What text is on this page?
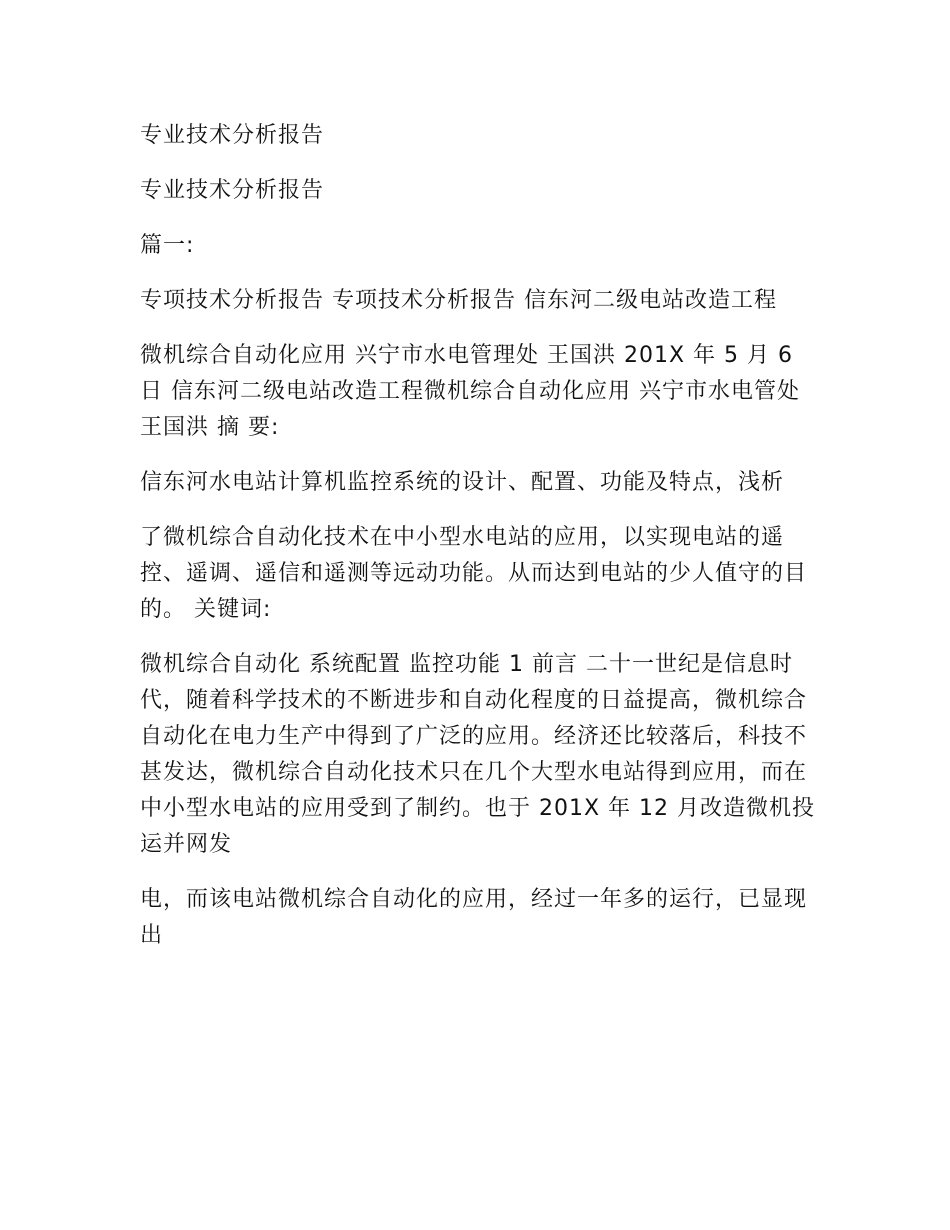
专业技术分析报告

专业技术分析报告

篇一:

专项技术分析报告 专项技术分析报告 信东河二级电站改造工程

微机综合自动化应用 兴宁市水电管理处 王国洪 201X 年 5 月 6 日 信东河二级电站改造工程微机综合自动化应用 兴宁市水电管处 王国洪 摘 要:

信东河水电站计算机监控系统的设计、配置、功能及特点，浅析

了微机综合自动化技术在中小型水电站的应用，以实现电站的遥控、遥调、遥信和遥测等远动功能。从而达到电站的少人值守的目的。 关键词:

微机综合自动化 系统配置 监控功能 1 前言 二十一世纪是信息时代，随着科学技术的不断进步和自动化程度的日益提高，微机综合自动化在电力生产中得到了广泛的应用。经济还比较落后，科技不甚发达，微机综合自动化技术只在几个大型水电站得到应用，而在中小型水电站的应用受到了制约。也于 201X 年 12 月改造微机投运并网发

电，而该电站微机综合自动化的应用，经过一年多的运行，已显现出
